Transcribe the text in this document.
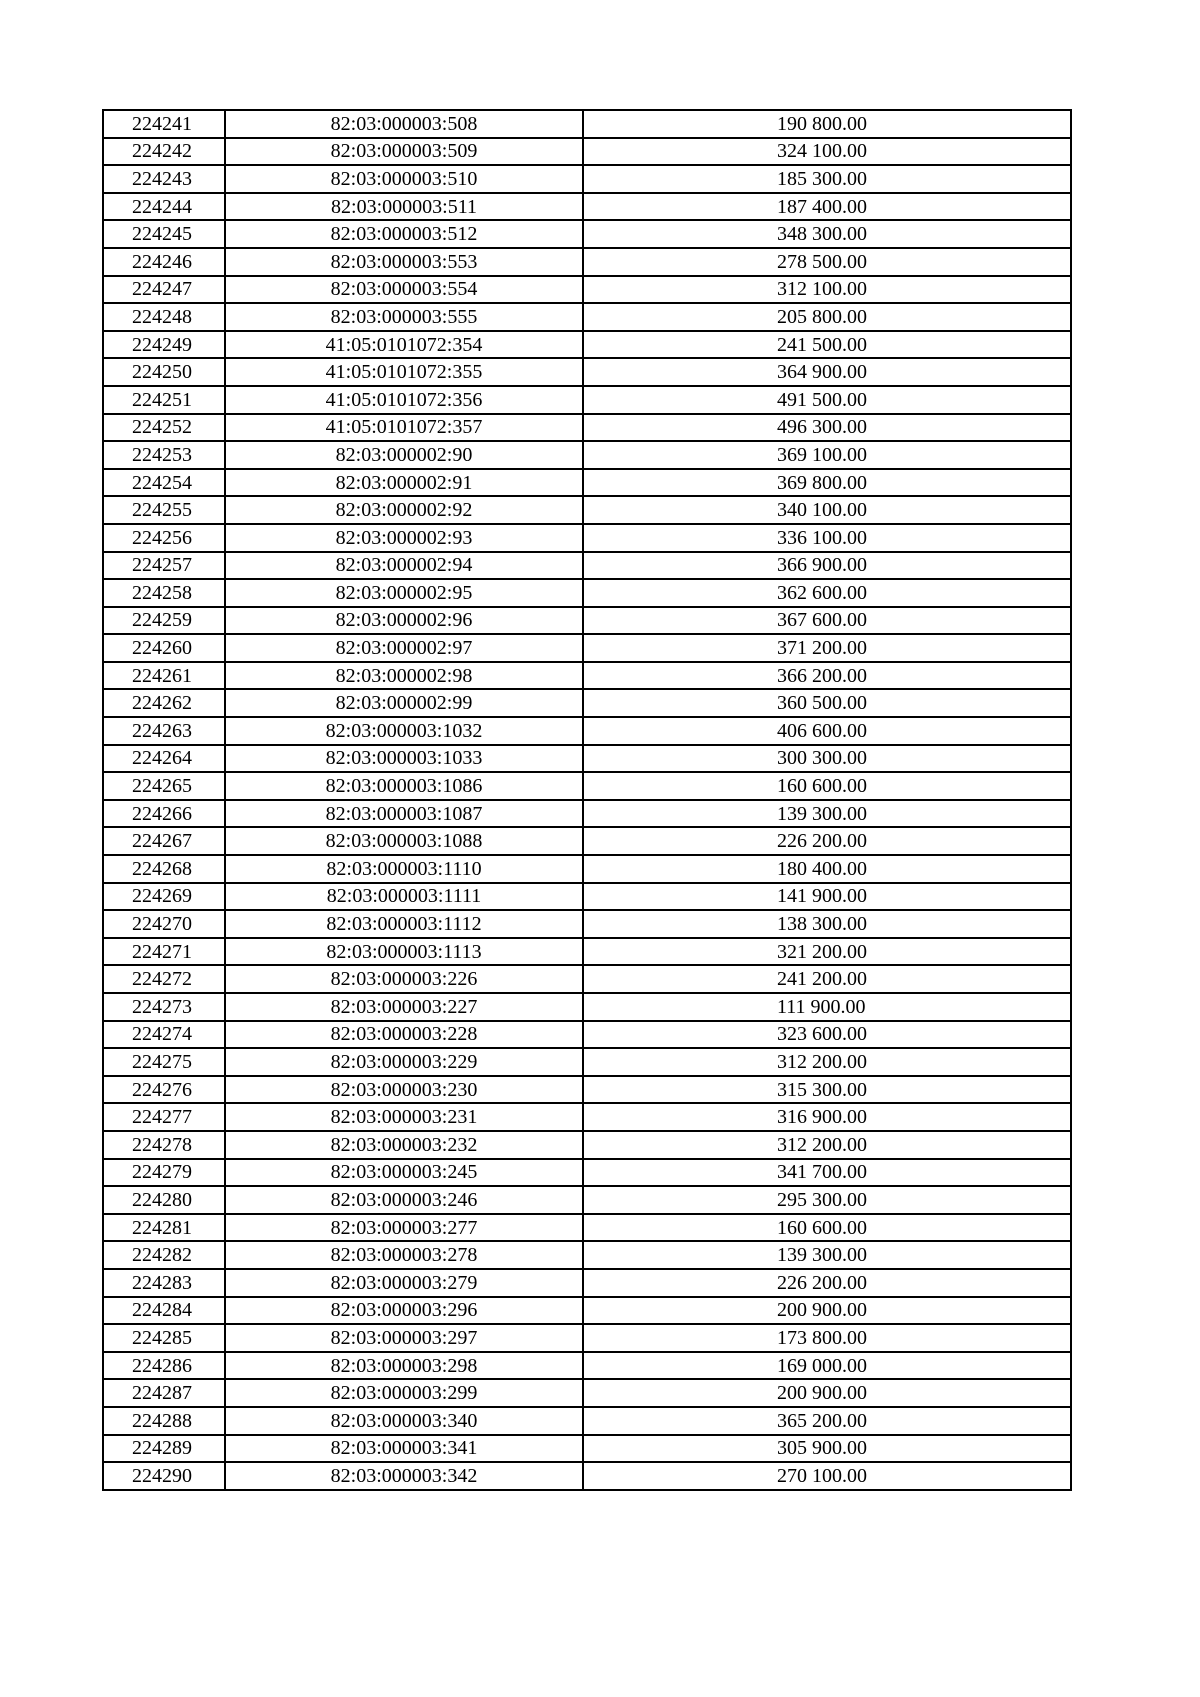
224241	82:03:000003:508	190 800.00
224242	82:03:000003:509	324 100.00
224243	82:03:000003:510	185 300.00
224244	82:03:000003:511	187 400.00
224245	82:03:000003:512	348 300.00
224246	82:03:000003:553	278 500.00
224247	82:03:000003:554	312 100.00
224248	82:03:000003:555	205 800.00
224249	41:05:0101072:354	241 500.00
224250	41:05:0101072:355	364 900.00
224251	41:05:0101072:356	491 500.00
224252	41:05:0101072:357	496 300.00
224253	82:03:000002:90	369 100.00
224254	82:03:000002:91	369 800.00
224255	82:03:000002:92	340 100.00
224256	82:03:000002:93	336 100.00
224257	82:03:000002:94	366 900.00
224258	82:03:000002:95	362 600.00
224259	82:03:000002:96	367 600.00
224260	82:03:000002:97	371 200.00
224261	82:03:000002:98	366 200.00
224262	82:03:000002:99	360 500.00
224263	82:03:000003:1032	406 600.00
224264	82:03:000003:1033	300 300.00
224265	82:03:000003:1086	160 600.00
224266	82:03:000003:1087	139 300.00
224267	82:03:000003:1088	226 200.00
224268	82:03:000003:1110	180 400.00
224269	82:03:000003:1111	141 900.00
224270	82:03:000003:1112	138 300.00
224271	82:03:000003:1113	321 200.00
224272	82:03:000003:226	241 200.00
224273	82:03:000003:227	111 900.00
224274	82:03:000003:228	323 600.00
224275	82:03:000003:229	312 200.00
224276	82:03:000003:230	315 300.00
224277	82:03:000003:231	316 900.00
224278	82:03:000003:232	312 200.00
224279	82:03:000003:245	341 700.00
224280	82:03:000003:246	295 300.00
224281	82:03:000003:277	160 600.00
224282	82:03:000003:278	139 300.00
224283	82:03:000003:279	226 200.00
224284	82:03:000003:296	200 900.00
224285	82:03:000003:297	173 800.00
224286	82:03:000003:298	169 000.00
224287	82:03:000003:299	200 900.00
224288	82:03:000003:340	365 200.00
224289	82:03:000003:341	305 900.00
224290	82:03:000003:342	270 100.00
